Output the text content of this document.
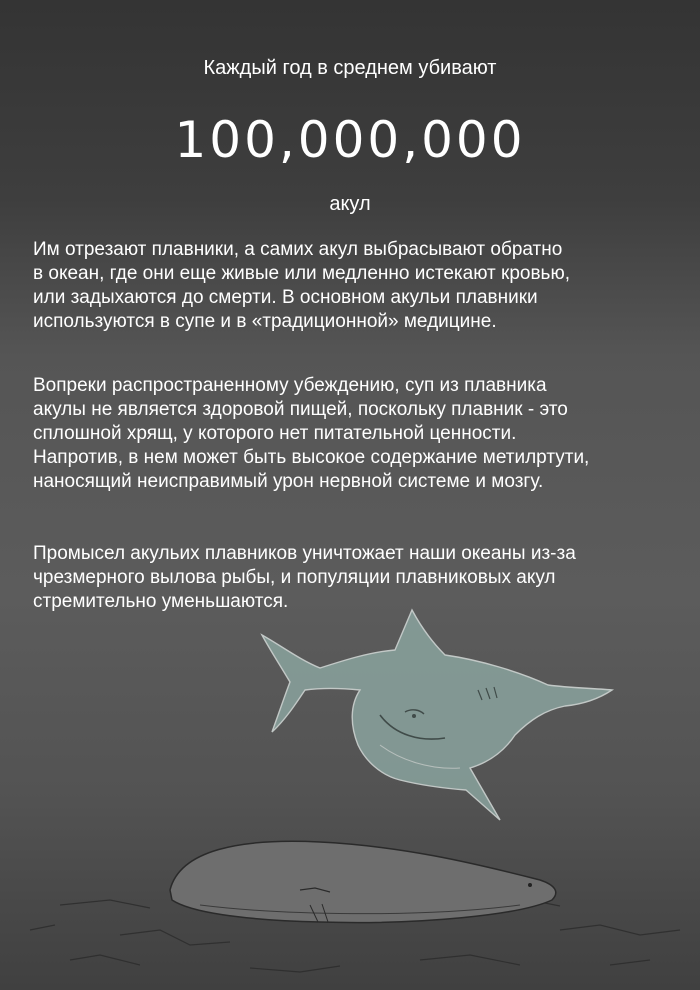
Каждый год в среднем убивают
100,000,000
акул

Им отрезают плавники, а самих акул выбрасывают обратно
в океан, где они еще живые или медленно истекают кровью,
или задыхаются до смерти. В основном акульи плавники
используются в супе и в «традиционной» медицине.

Вопреки распространенному убеждению, суп из плавника
акулы не является здоровой пищей, поскольку плавник - это
сплошной хрящ, у которого нет питательной ценности.
Напротив, в нем может быть высокое содержание метилртути,
наносящий неисправимый урон нервной системе и мозгу.

Промысел акульих плавников уничтожает наши океаны из-за
чрезмерного вылова рыбы, и популяции плавниковых акул
стремительно уменьшаются.
